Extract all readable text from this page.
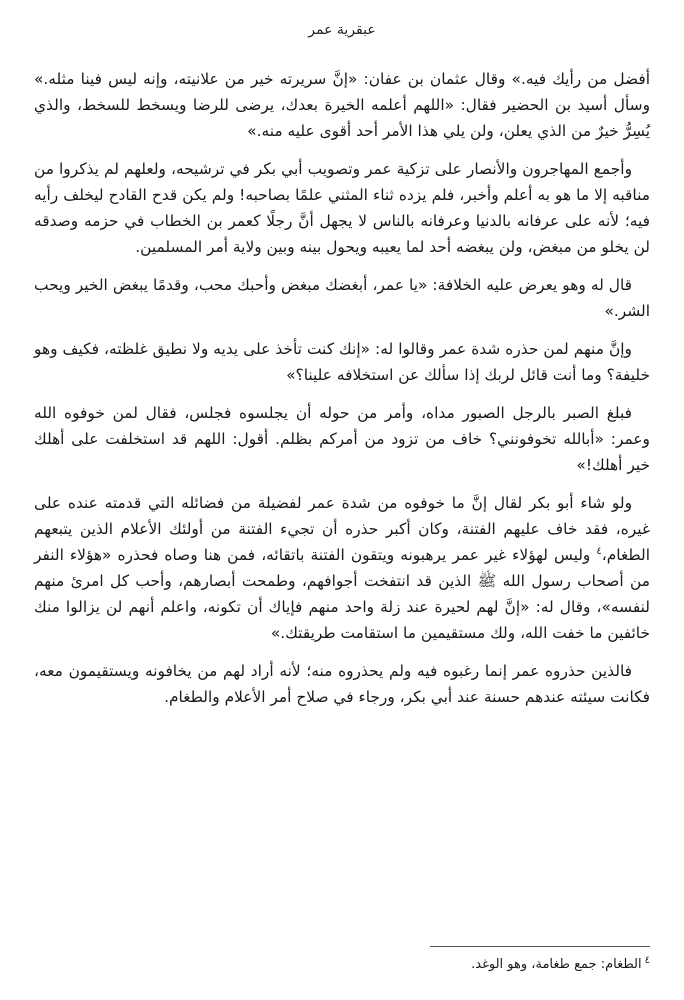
عبقرية عمر

أفضل من رأيك فيه.» وقال عثمان بن عفان: «إنَّ سريرته خير من علانيته، وإنه ليس فينا مثله.» وسأل أسيد بن الحضير فقال: «اللهم أعلمه الخيرة بعدك، يرضى للرضا ويسخط للسخط، والذي يُسِرُّ خيرٌ من الذي يعلن، ولن يلي هذا الأمر أحد أقوى عليه منه.»

وأجمع المهاجرون والأنصار على تزكية عمر وتصويب أبي بكر في ترشيحه، ولعلهم لم يذكروا من مناقبه إلا ما هو به أعلم وأخبر، فلم يزده ثناء المثني علمًا بصاحبه! ولم يكن قدح القادح ليخلف رأيه فيه؛ لأنه على عرفانه بالدنيا وعرفانه بالناس لا يجهل أنَّ رجلًا كعمر بن الخطاب في حزمه وصدقه لن يخلو من مبغض، ولن يبغضه أحد لما يعيبه ويحول بينه وبين ولاية أمر المسلمين.

قال له وهو يعرض عليه الخلافة: «يا عمر، أبغضك مبغض وأحبك محب، وقدمًا يبغض الخير ويحب الشر.»

وإنَّ منهم لمن حذره شدة عمر وقالوا له: «إنك كنت تأخذ على يديه ولا نطيق غلظته، فكيف وهو خليفة؟ وما أنت قائل لربك إذا سألك عن استخلافه علينا؟»

فبلغ الصبر بالرجل الصبور مداه، وأمر من حوله أن يجلسوه فجلس، فقال لمن خوفوه الله وعمر: «أبالله تخوفونني؟ خاف من تزود من أمركم بظلم. أقول: اللهم قد استخلفت على أهلك خير أهلك!»

ولو شاء أبو بكر لقال إنَّ ما خوفوه من شدة عمر لفضيلة من فضائله التي قدمته عنده على غيره، فقد خاف عليهم الفتنة، وكان أكبر حذره أن تجيء الفتنة من أولئك الأعلام الذين يتبعهم الطغام،$^٤$ وليس لهؤلاء غير عمر يرهبونه ويتقون الفتنة باتقائه، فمن هنا وصاه فحذره «هؤلاء النفر من أصحاب رسول الله ﷺ الذين قد انتفخت أجوافهم، وطمحت أبصارهم، وأحب كل امرئ منهم لنفسه»، وقال له: «إنَّ لهم لحيرة عند زلة واحد منهم فإياك أن تكونه، واعلم أنهم لن يزالوا منك خائفين ما خفت الله، ولك مستقيمين ما استقامت طريقتك.»

فالذين حذروه عمر إنما رغبوه فيه ولم يحذروه منه؛ لأنه أراد لهم من يخافونه ويستقيمون معه، فكانت سيئته عندهم حسنة عند أبي بكر، ورجاء في صلاح أمر الأعلام والطغام.

$^٤$الطغام: جمع طغامة، وهو الوغد.
